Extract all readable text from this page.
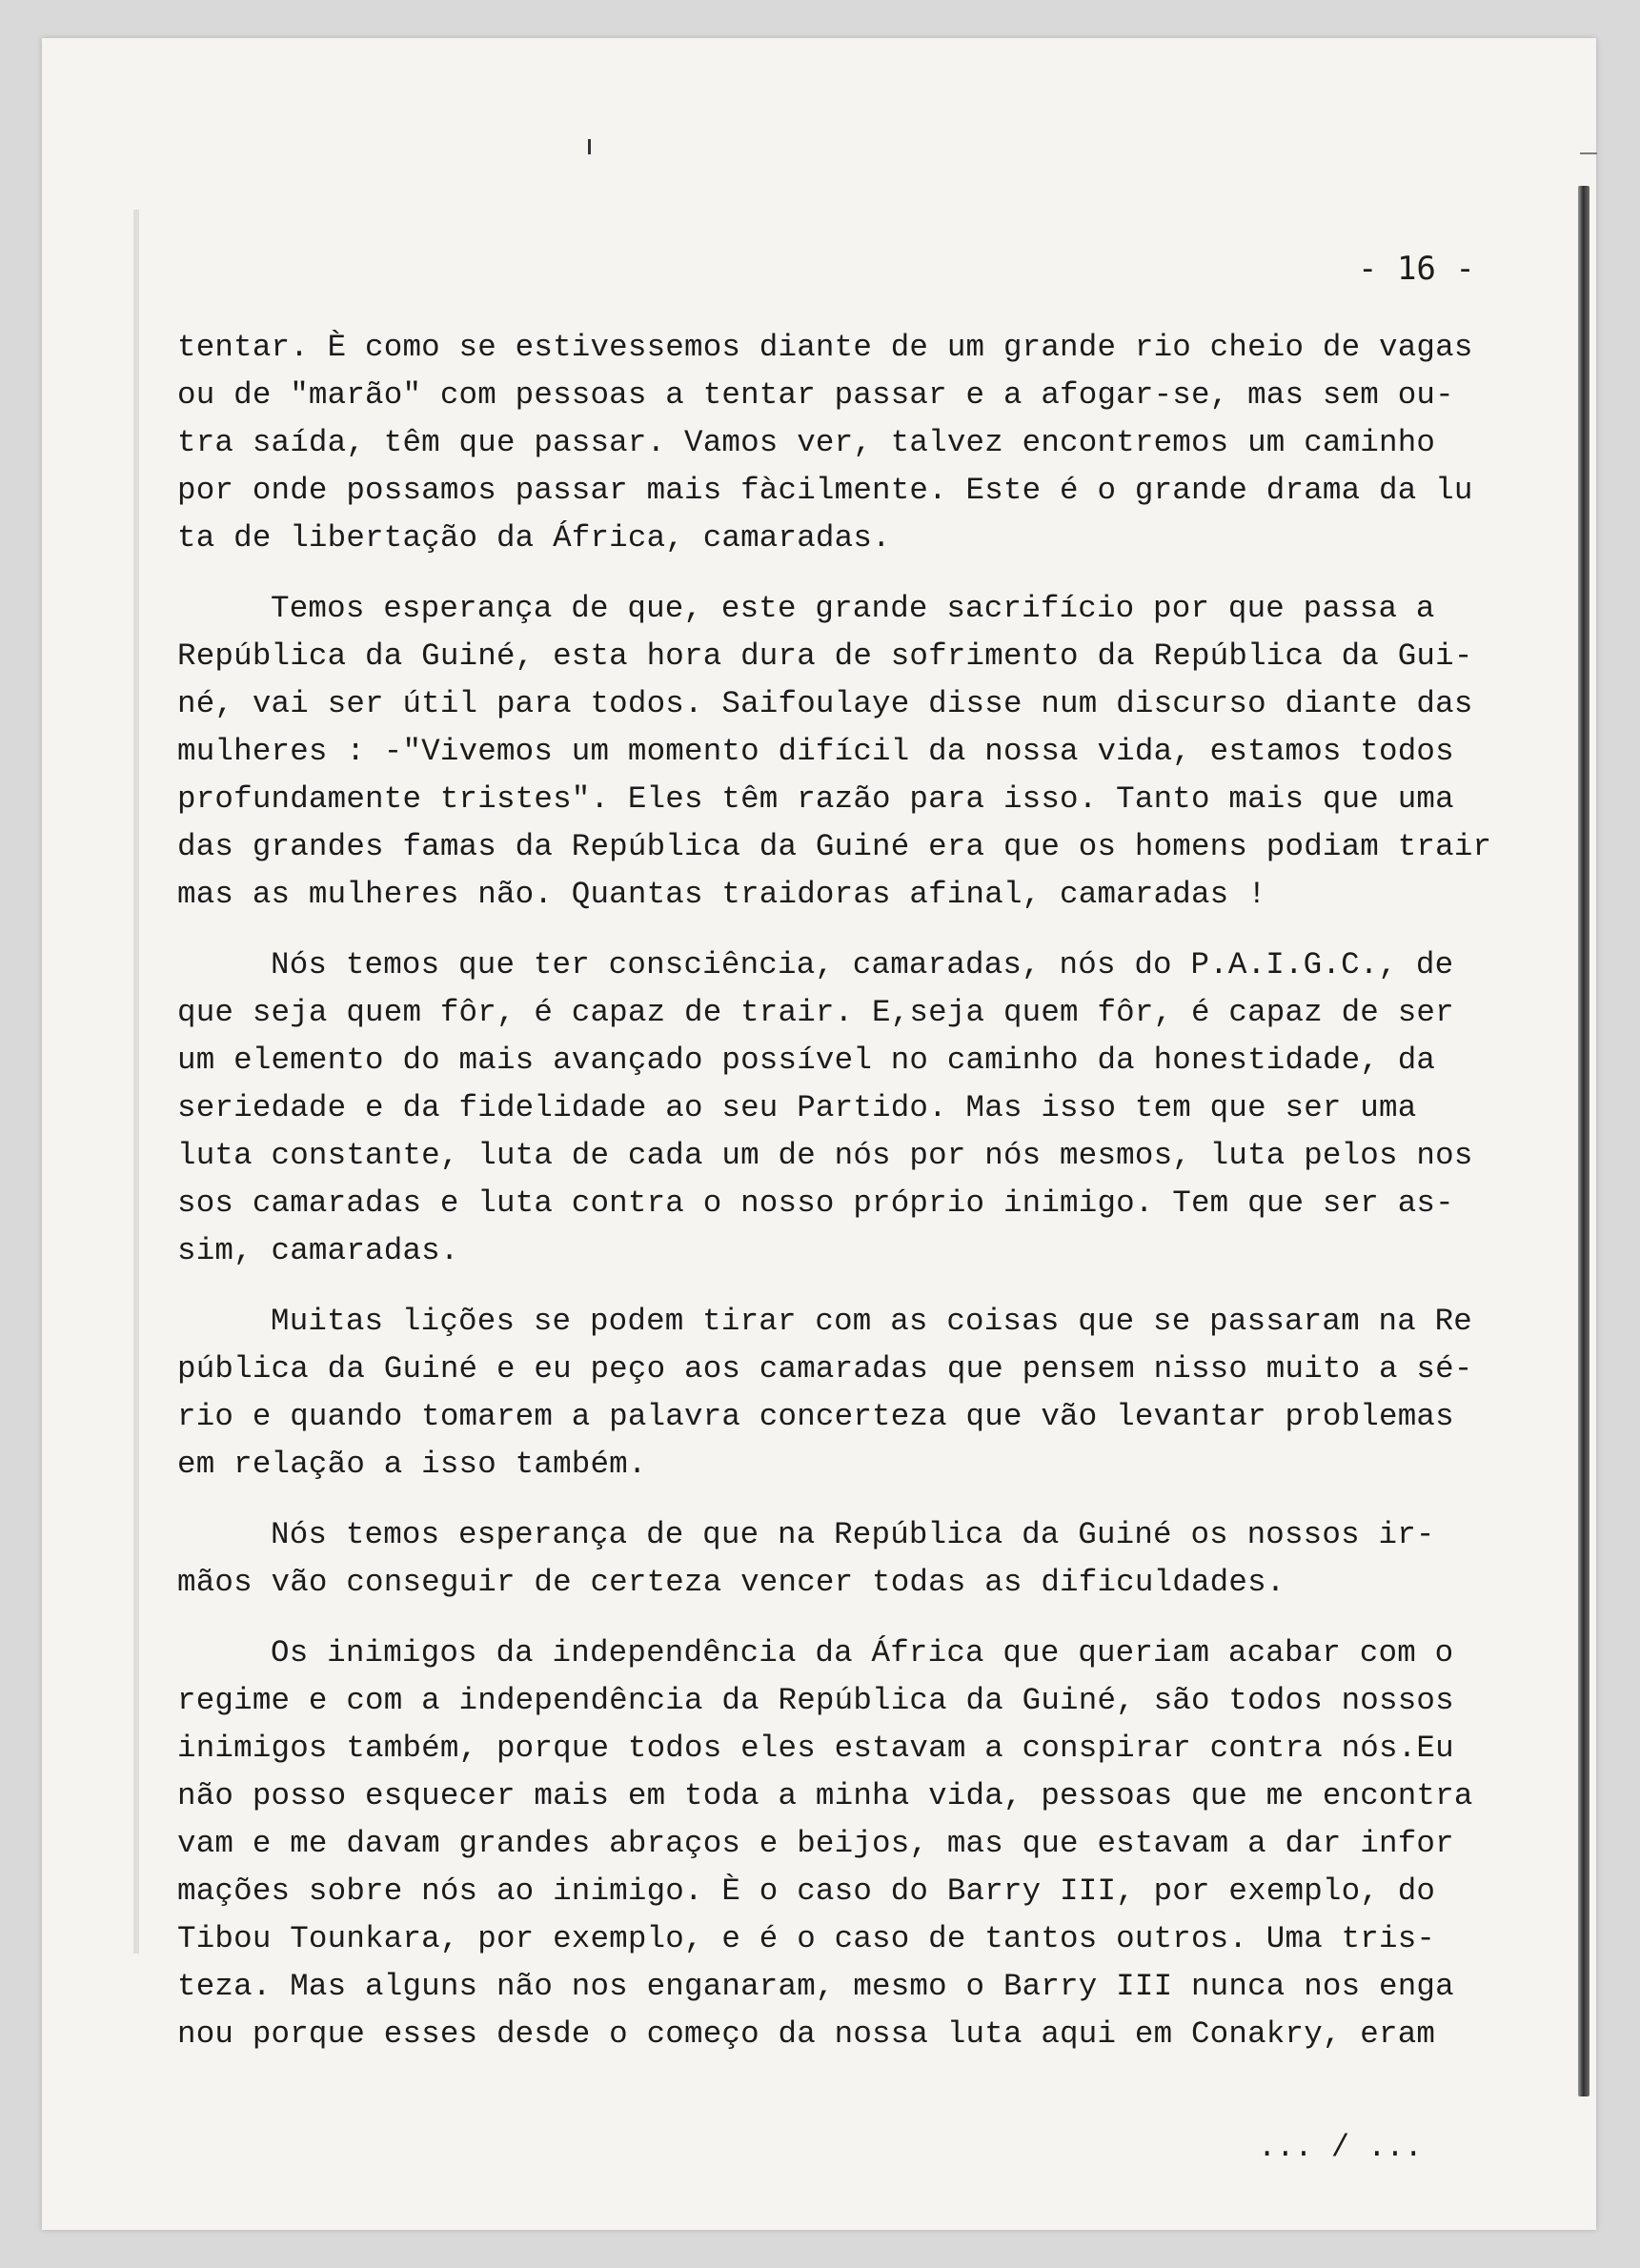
- 16 -
tentar. È como se estivessemos diante de um grande rio cheio de vagas
ou de "marão" com pessoas a tentar passar e a afogar-se, mas sem ou-
tra saída, têm que passar. Vamos ver, talvez encontremos um caminho
por onde possamos passar mais fàcilmente. Este é o grande drama da lu
ta de libertação da África, camaradas.
Temos esperança de que, este grande sacrifício por que passa a
República da Guiné, esta hora dura de sofrimento da República da Gui-
né, vai ser útil para todos. Saifoulaye disse num discurso diante das
mulheres : -"Vivemos um momento difícil da nossa vida, estamos todos
profundamente tristes". Eles têm razão para isso. Tanto mais que uma
das grandes famas da República da Guiné era que os homens podiam trair
mas as mulheres não. Quantas traidoras afinal, camaradas !
Nós temos que ter consciência, camaradas, nós do P.A.I.G.C., de
que seja quem fôr, é capaz de trair. E,seja quem fôr, é capaz de ser
um elemento do mais avançado possível no caminho da honestidade, da
seriedade e da fidelidade ao seu Partido. Mas isso tem que ser uma
luta constante, luta de cada um de nós por nós mesmos, luta pelos nos
sos camaradas e luta contra o nosso próprio inimigo. Tem que ser as-
sim, camaradas.
Muitas lições se podem tirar com as coisas que se passaram na Re
pública da Guiné e eu peço aos camaradas que pensem nisso muito a sé-
rio e quando tomarem a palavra concerteza que vão levantar problemas
em relação a isso também.
Nós temos esperança de que na República da Guiné os nossos ir-
mãos vão conseguir de certeza vencer todas as dificuldades.
Os inimigos da independência da África que queriam acabar com o
regime e com a independência da República da Guiné, são todos nossos
inimigos também, porque todos eles estavam a conspirar contra nós.Eu
não posso esquecer mais em toda a minha vida, pessoas que me encontra
vam e me davam grandes abraços e beijos, mas que estavam a dar infor
mações sobre nós ao inimigo. È o caso do Barry III, por exemplo, do
Tibou Tounkara, por exemplo, e é o caso de tantos outros. Uma tris-
teza. Mas alguns não nos enganaram, mesmo o Barry III nunca nos enga
nou porque esses desde o começo da nossa luta aqui em Conakry, eram
... / ...
